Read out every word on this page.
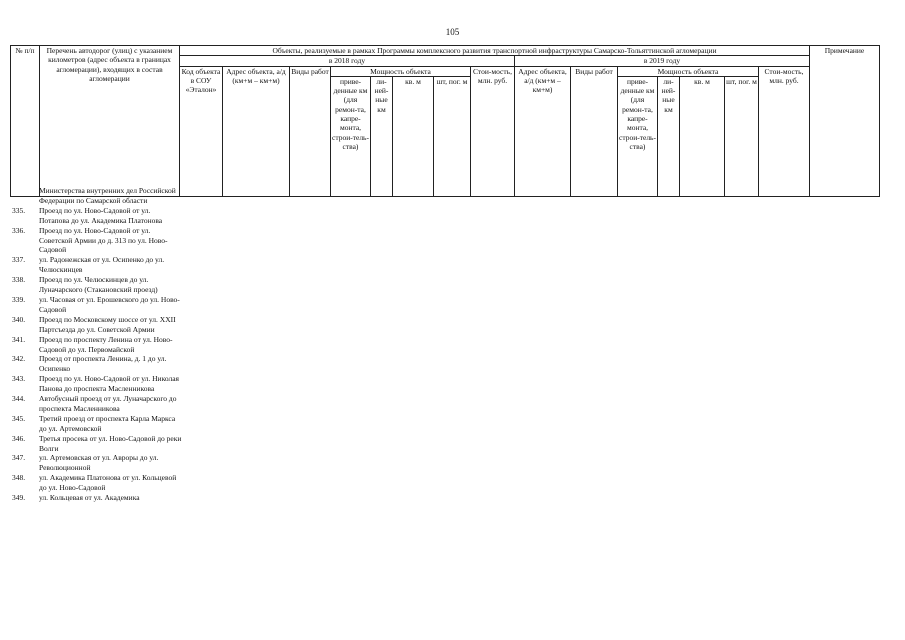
105
№ п/п	Перечень автодорог (улиц) с указанием километров (адрес объекта в границах агломерации), входящих в состав агломерации	Объекты, реализуемые в рамках Программы комплексного развития транспортной инфраструктуры Самарско-Тольяттинской агломерации															Примечание
		в 2018 году								в 2019 году							
		Код объекта в СОУ «Эталон»	Адрес объекта, а/д (км+м – км+м)	Виды работ	Мощность объекта				Стои-мость, млн. руб.	Адрес объекта, а/д (км+м – км+м)	Виды работ	Мощность объекта				Стои-мость, млн. руб.	
					приве-денные км (для ремон-та, капре-монта, строи-тель-ства)	ли-ней-ные км	кв. м	шт, пог. м				приве-денные км (для ремон-та, капре-монта, строи-тель-ства)	ли-ней-ные км	кв. м	шт, пог. м		
Министерства внутренних дел Российской Федерации по Самарской области
335.	Проезд по ул. Ново-Садовой от ул. Потапова до ул. Академика Платонова
336.	Проезд по ул. Ново-Садовой от ул. Советской Армии до д. 313 по ул. Ново-Садовой
337.	ул. Радонежская от ул. Осипенко до ул. Челюскинцев
338.	Проезд по ул. Челюскинцев до ул. Луначарского (Стакановский проезд)
339.	ул. Часовая от ул. Ерошевского до ул. Ново-Садовой
340.	Проезд по Московскому шоссе от ул. XXII Партсъезда до ул. Советской Армии
341.	Проезд по проспекту Ленина от ул. Ново-Садовой до ул. Первомайской
342.	Проезд от проспекта Ленина, д. 1 до ул. Осипенко
343.	Проезд по ул. Ново-Садовой от ул. Николая Панова до проспекта Масленникова
344.	Автобусный проезд от ул. Луначарского до проспекта Масленникова
345.	Третий проезд от проспекта Карла Маркса до ул. Артемовской
346.	Третья просека от ул. Ново-Садовой до реки Волги
347.	ул. Артемовская от ул. Авроры до ул. Революционной
348.	ул. Академика Платонова от ул. Кольцевой до ул. Ново-Садовой
349.	ул. Кольцевая от ул. Академика
